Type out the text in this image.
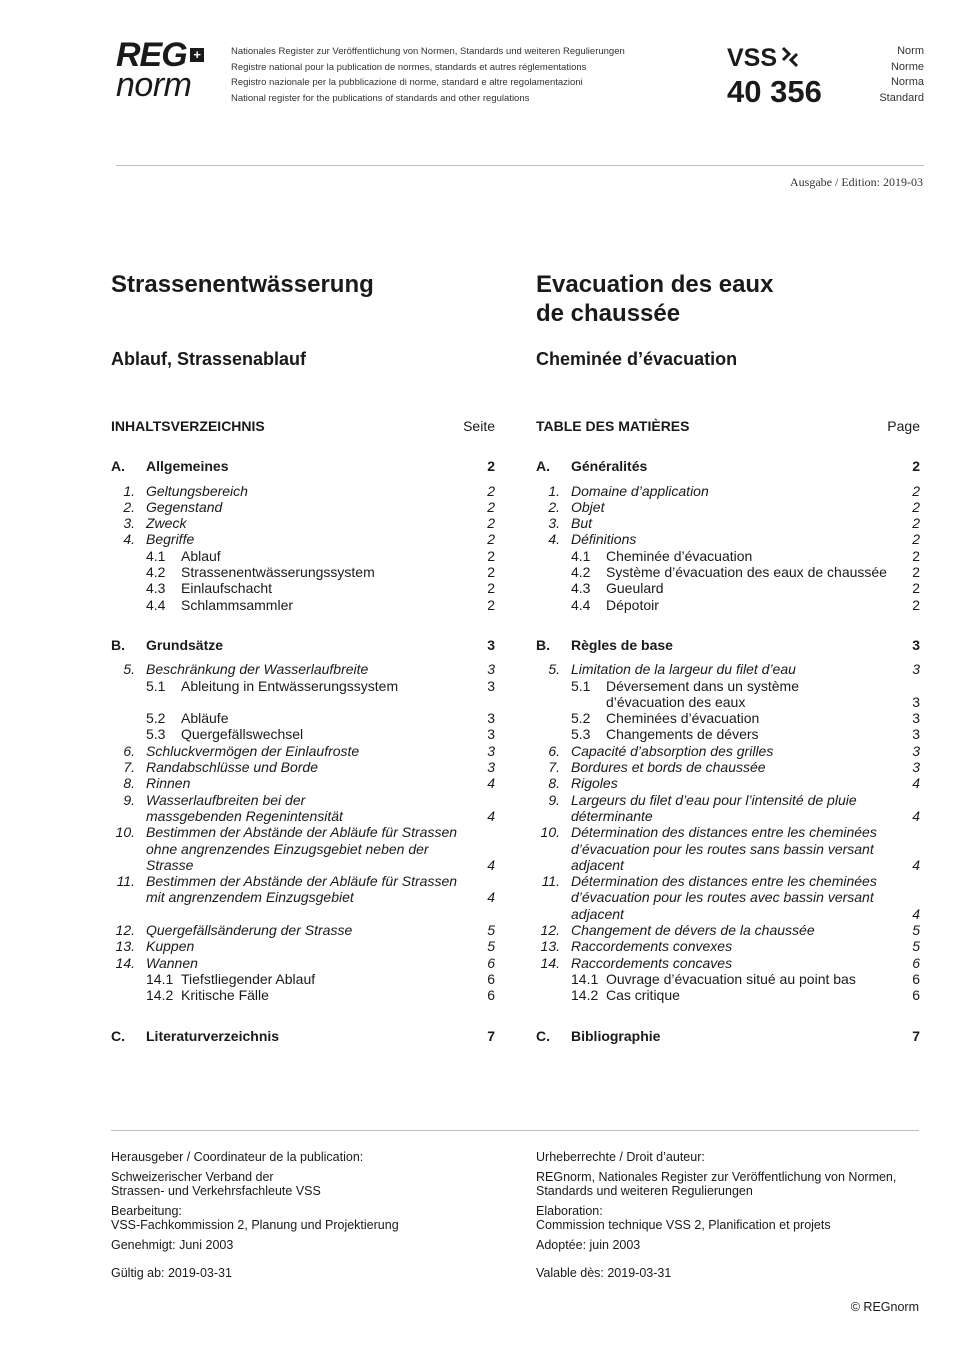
REG +
norm
Nationales Register zur Veröffentlichung von Normen, Standards und weiteren Regulierungen
Registre national pour la publication de normes, standards et autres réglementations
Registro nazionale per la pubblicazione di norme, standard e altre regolamentazioni
National register for the publications of standards and other regulations
VSS
40 356
Norm
Norme
Norma
Standard
Ausgabe / Edition: 2019-03
Strassenentwässerung
Ablauf, Strassenablauf
Evacuation des eaux
de chaussée
Cheminée d’évacuation
INHALTSVERZEICHNIS	Seite
A.	Allgemeines	2
1. Geltungsbereich	2
2. Gegenstand	2
3. Zweck	2
4. Begriffe	2
4.1	Ablauf	2
4.2	Strassenentwässerungssystem	2
4.3	Einlaufschacht	2
4.4	Schlammsammler	2
B.	Grundsätze	3
5. Beschränkung der Wasserlaufbreite	3
5.1	Ableitung in Entwässerungssystem	3
5.2	Abläufe	3
5.3	Quergefällswechsel	3
6. Schluckvermögen der Einlaufroste	3
7. Randabschlüsse und Borde	3
8. Rinnen	4
9. Wasserlaufbreiten bei der massgebenden Regenintensität	4
10. Bestimmen der Abstände der Abläufe für Strassen ohne angrenzendes Einzugsgebiet neben der Strasse	4
11. Bestimmen der Abstände der Abläufe für Strassen mit angrenzendem Einzugsgebiet	4
12. Quergefällsänderung der Strasse	5
13. Kuppen	5
14. Wannen	6
14.1 Tiefstliegender Ablauf	6
14.2 Kritische Fälle	6
C.	Literaturverzeichnis	7
TABLE DES MATIÈRES	Page
A.	Généralités	2
1. Domaine d’application	2
2. Objet	2
3. But	2
4. Définitions	2
4.1	Cheminée d’évacuation	2
4.2	Système d’évacuation des eaux de chaussée	2
4.3	Gueulard	2
4.4	Dépotoir	2
B.	Règles de base	3
5. Limitation de la largeur du filet d’eau	3
5.1	Déversement dans un système d’évacuation des eaux	3
5.2	Cheminées d’évacuation	3
5.3	Changements de dévers	3
6. Capacité d’absorption des grilles	3
7. Bordures et bords de chaussée	3
8. Rigoles	4
9. Largeurs du filet d’eau pour l’intensité de pluie déterminante	4
10. Détermination des distances entre les cheminées d’évacuation pour les routes sans bassin versant adjacent	4
11. Détermination des distances entre les cheminées d’évacuation pour les routes avec bassin versant adjacent	4
12. Changement de dévers de la chaussée	5
13. Raccordements convexes	5
14. Raccordements concaves	6
14.1 Ouvrage d’évacuation situé au point bas	6
14.2 Cas critique	6
C.	Bibliographie	7
Herausgeber / Coordinateur de la publication:
Schweizerischer Verband der
Strassen- und Verkehrsfachleute VSS
Bearbeitung:
VSS-Fachkommission 2, Planung und Projektierung
Genehmigt: Juni 2003
Gültig ab: 2019-03-31
Urheberrechte / Droit d’auteur:
REGnorm, Nationales Register zur Veröffentlichung von Normen,
Standards und weiteren Regulierungen
Elaboration:
Commission technique VSS 2, Planification et projets
Adoptée: juin 2003
Valable dès: 2019-03-31
© REGnorm
